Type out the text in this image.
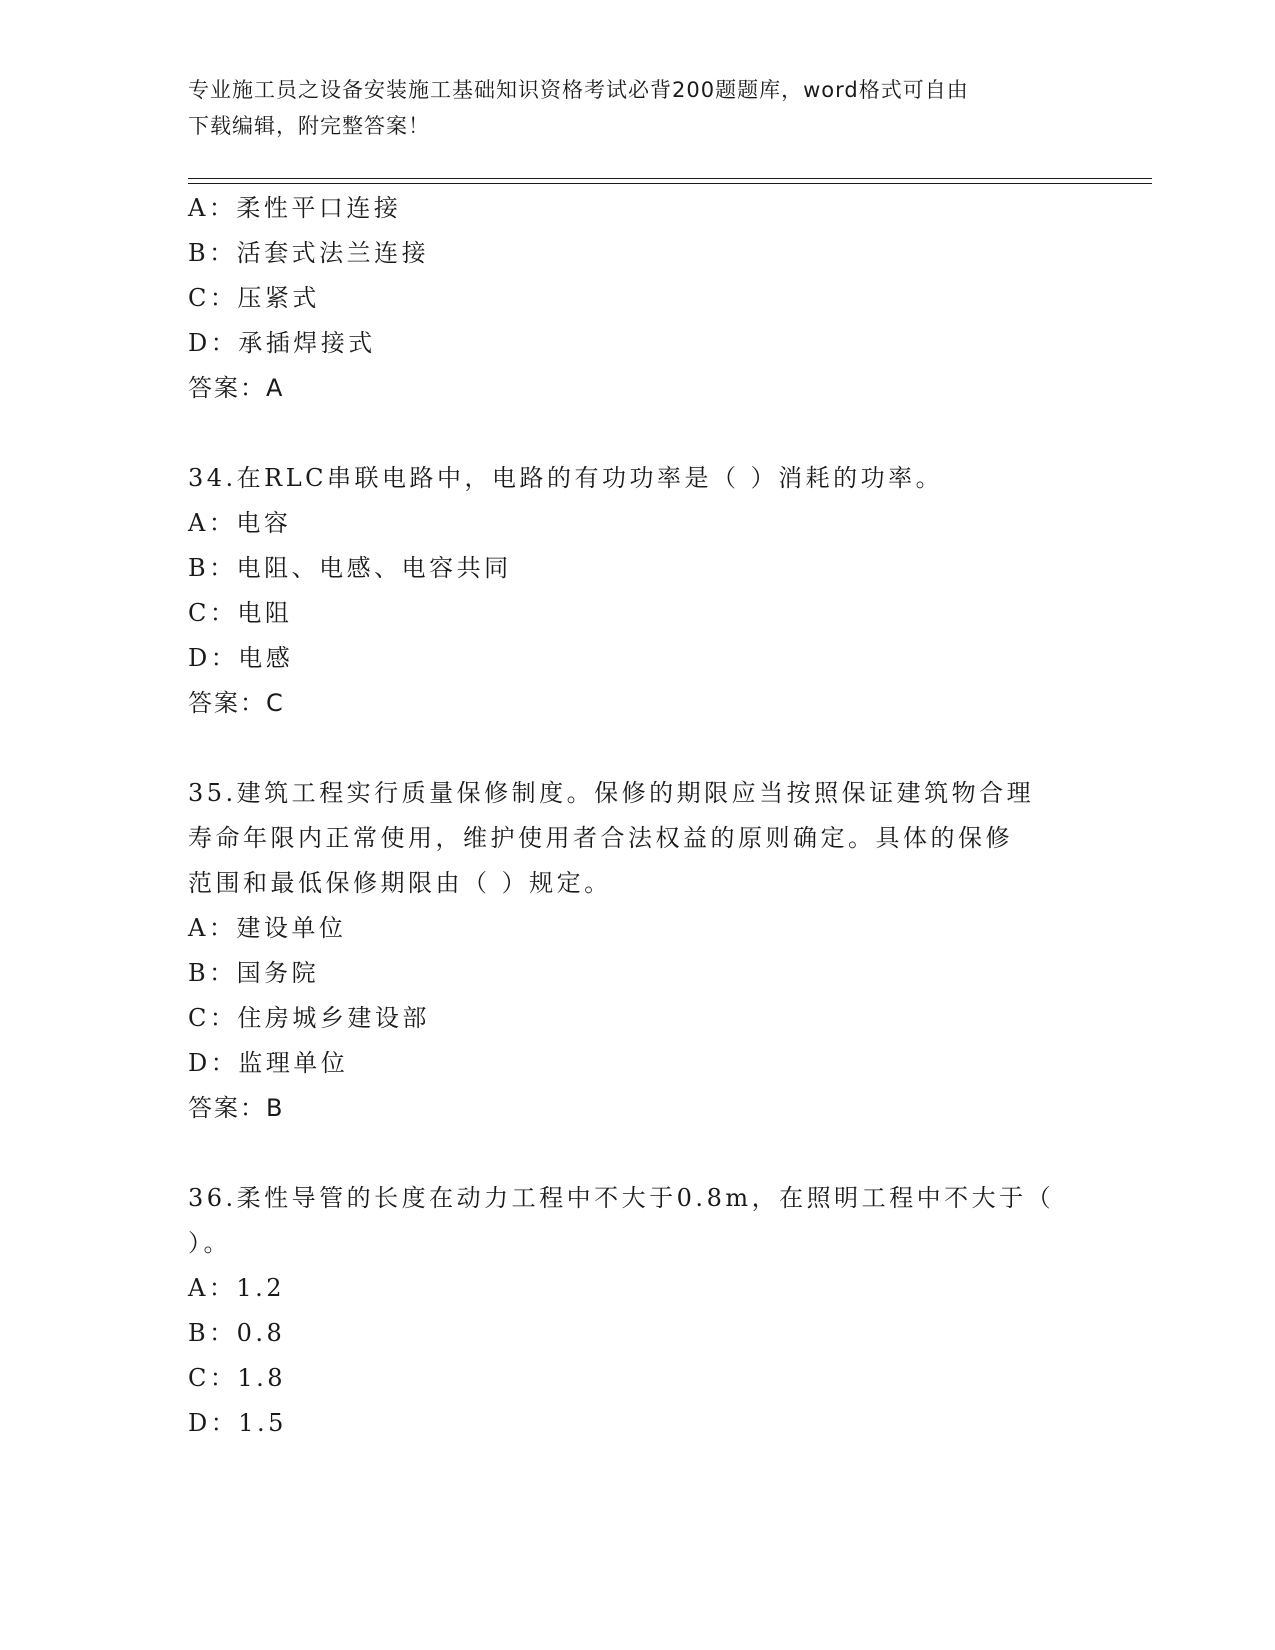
专业施工员之设备安装施工基础知识资格考试必背200题题库，word格式可自由
下载编辑，附完整答案！
A：柔性平口连接
B：活套式法兰连接
C：压紧式
D：承插焊接式
答案：A
34.在RLC串联电路中，电路的有功功率是（ ）消耗的功率。
A：电容
B：电阻、电感、电容共同
C：电阻
D：电感
答案：C
35.建筑工程实行质量保修制度。保修的期限应当按照保证建筑物合理
寿命年限内正常使用，维护使用者合法权益的原则确定。具体的保修
范围和最低保修期限由（ ）规定。
A：建设单位
B：国务院
C：住房城乡建设部
D：监理单位
答案：B
36.柔性导管的长度在动力工程中不大于0.8m，在照明工程中不大于（
）。
A：1.2
B：0.8
C：1.8
D：1.5
